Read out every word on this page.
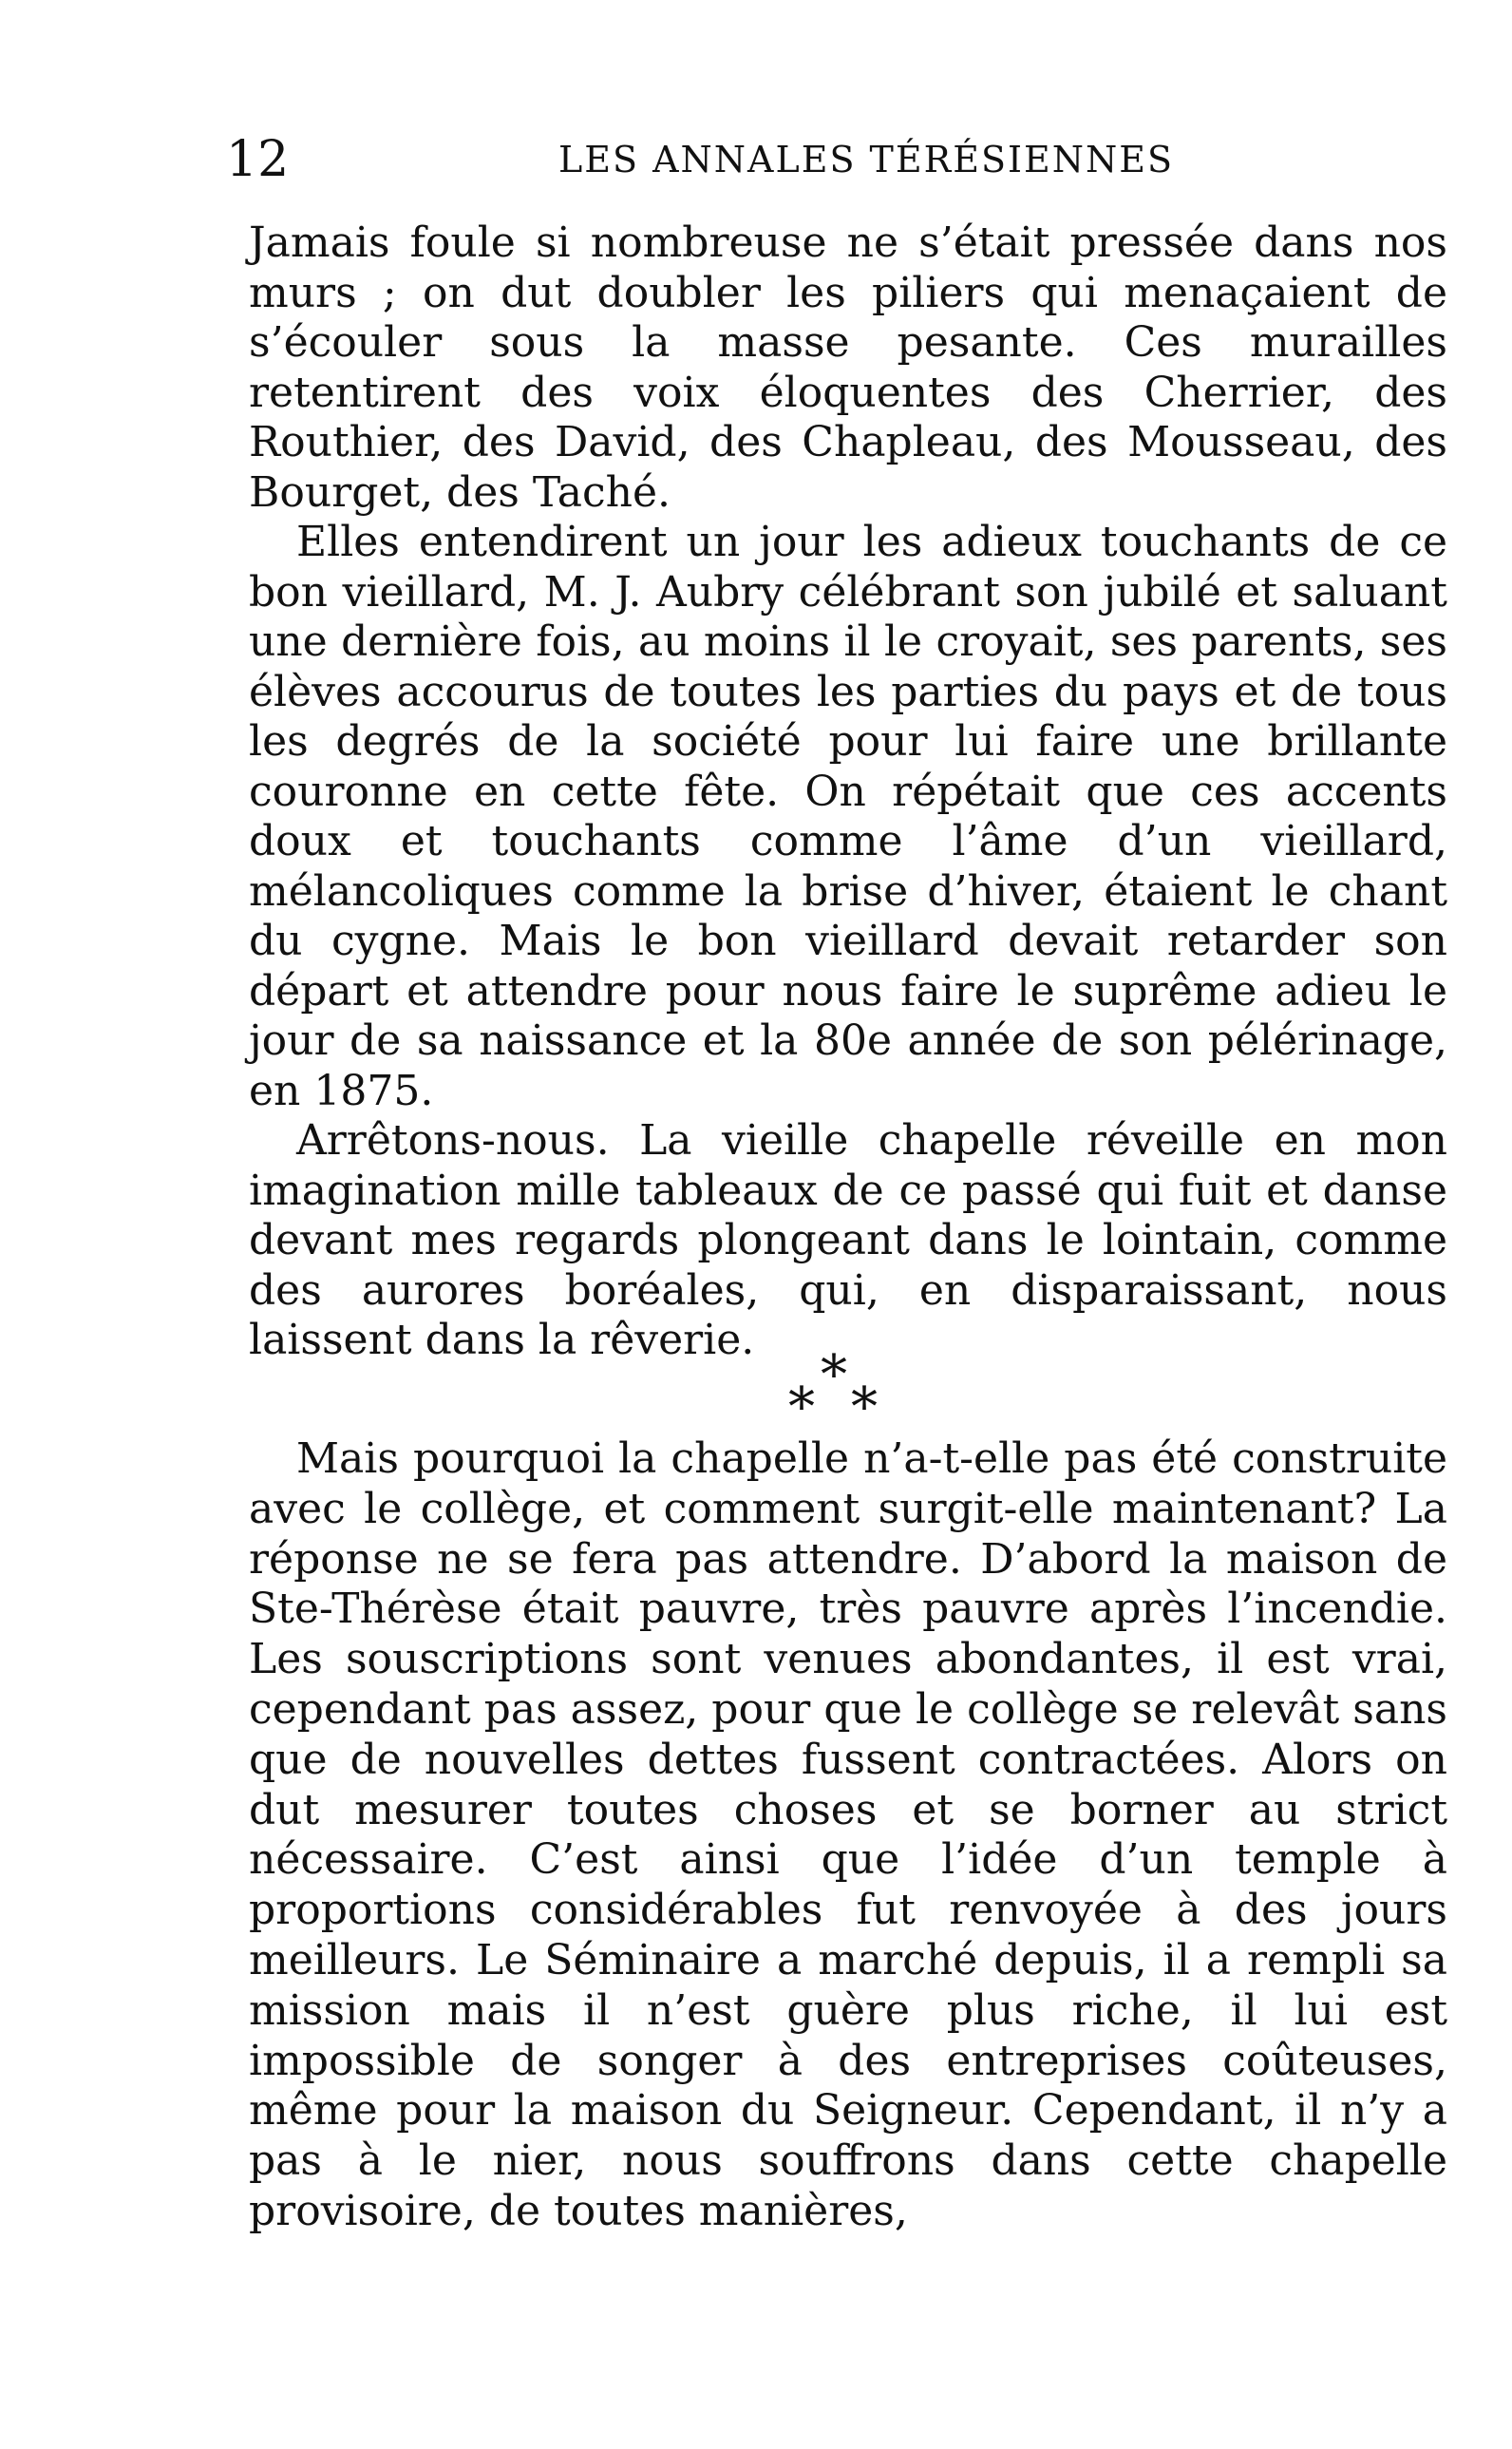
12	LES ANNALES TÉRÉSIENNES

Jamais foule si nombreuse ne s’était pressée dans nos murs ; on dut doubler les piliers qui menaçaient de s’écouler sous la masse pesante. Ces murailles retentirent des voix éloquentes des Cherrier, des Routhier, des David, des Chapleau, des Mousseau, des Bourget, des Taché.

Elles entendirent un jour les adieux touchants de ce bon vieillard, M. J. Aubry célébrant son jubilé et saluant une dernière fois, au moins il le croyait, ses parents, ses élèves accourus de toutes les parties du pays et de tous les degrés de la société pour lui faire une brillante couronne en cette fête. On répétait que ces accents doux et touchants comme l’âme d’un vieillard, mélancoliques comme la brise d’hiver, étaient le chant du cygne. Mais le bon vieillard devait retarder son départ et attendre pour nous faire le suprême adieu le jour de sa naissance et la 80e année de son pélérinage, en 1875.

Arrêtons-nous. La vieille chapelle réveille en mon imagination mille tableaux de ce passé qui fuit et danse devant mes regards plongeant dans le lointain, comme des aurores boréales, qui, en disparaissant, nous laissent dans la rêverie.

*
* *

Mais pourquoi la chapelle n’a-t-elle pas été construite avec le collège, et comment surgit-elle maintenant? La réponse ne se fera pas attendre. D’abord la maison de Ste-Thérèse était pauvre, très pauvre après l’incendie. Les souscriptions sont venues abondantes, il est vrai, cependant pas assez, pour que le collège se relevât sans que de nouvelles dettes fussent contractées. Alors on dut mesurer toutes choses et se borner au strict nécessaire. C’est ainsi que l’idée d’un temple à proportions considérables fut renvoyée à des jours meilleurs. Le Séminaire a marché depuis, il a rempli sa mission mais il n’est guère plus riche, il lui est impossible de songer à des entreprises coûteuses, même pour la maison du Seigneur. Cependant, il n’y a pas à le nier, nous souffrons dans cette chapelle provisoire, de toutes manières,
